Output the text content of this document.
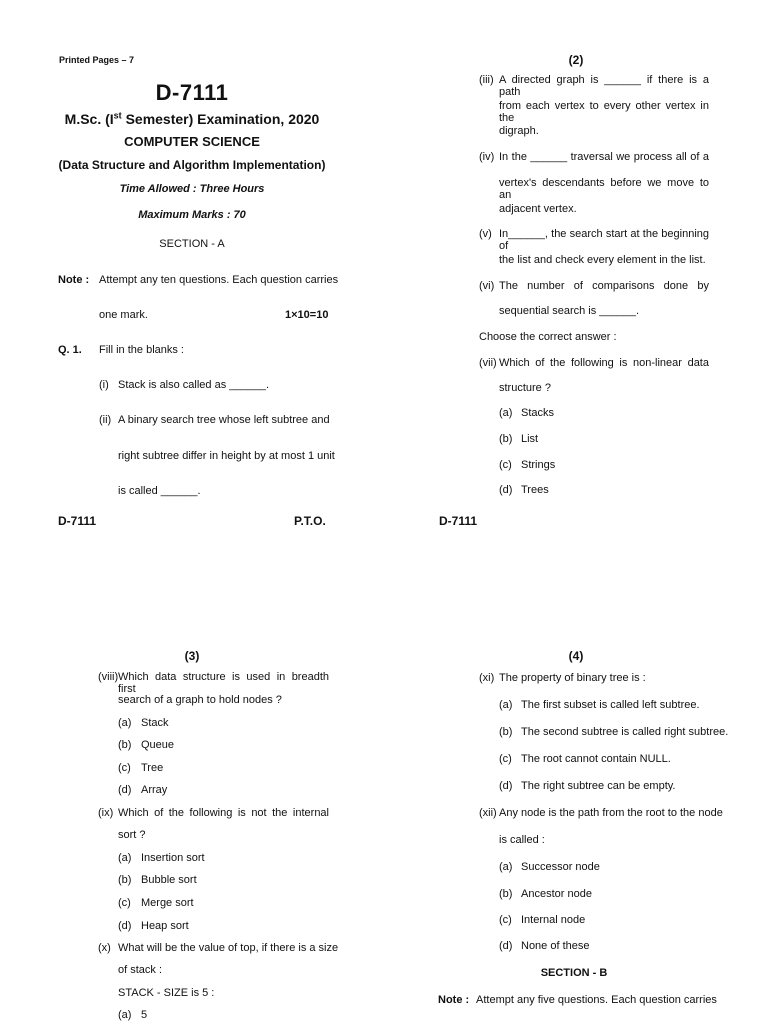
Printed Pages – 7
D-7111
M.Sc. (Ist Semester) Examination, 2020
COMPUTER SCIENCE
(Data Structure and Algorithm Implementation)
Time Allowed : Three Hours
Maximum Marks : 70
SECTION - A
Note : Attempt any ten questions. Each question carries
one mark.	1×10=10
Q. 1. Fill in the blanks :
(i) Stack is also called as ______.
(ii) A binary search tree whose left subtree and
right subtree differ in height by at most 1 unit
is called ______.
D-7111	P.T.O.
(2)
(iii) A directed graph is ______ if there is a path
from each vertex to every other vertex in the
digraph.
(iv) In the ______ traversal we process all of a
vertex's descendants before we move to an
adjacent vertex.
(v) In______, the search start at the beginning of
the list and check every element in the list.
(vi) The number of comparisons done by
sequential search is ______.
Choose the correct answer :
(vii) Which of the following is non-linear data
structure ?
(a) Stacks
(b) List
(c) Strings
(d) Trees
D-7111
(3)
(viii) Which data structure is used in breadth first
search of a graph to hold nodes ?
(a) Stack
(b) Queue
(c) Tree
(d) Array
(ix) Which of the following is not the internal
sort ?
(a) Insertion sort
(b) Bubble sort
(c) Merge sort
(d) Heap sort
(x) What will be the value of top, if there is a size
of stack :
STACK - SIZE is 5 :
(a) 5
(4)
(xi) The property of binary tree is :
(a) The first subset is called left subtree.
(b) The second subtree is called right subtree.
(c) The root cannot contain NULL.
(d) The right subtree can be empty.
(xii) Any node is the path from the root to the node
is called :
(a) Successor node
(b) Ancestor node
(c) Internal node
(d) None of these
SECTION - B
Note : Attempt any five questions. Each question carries
